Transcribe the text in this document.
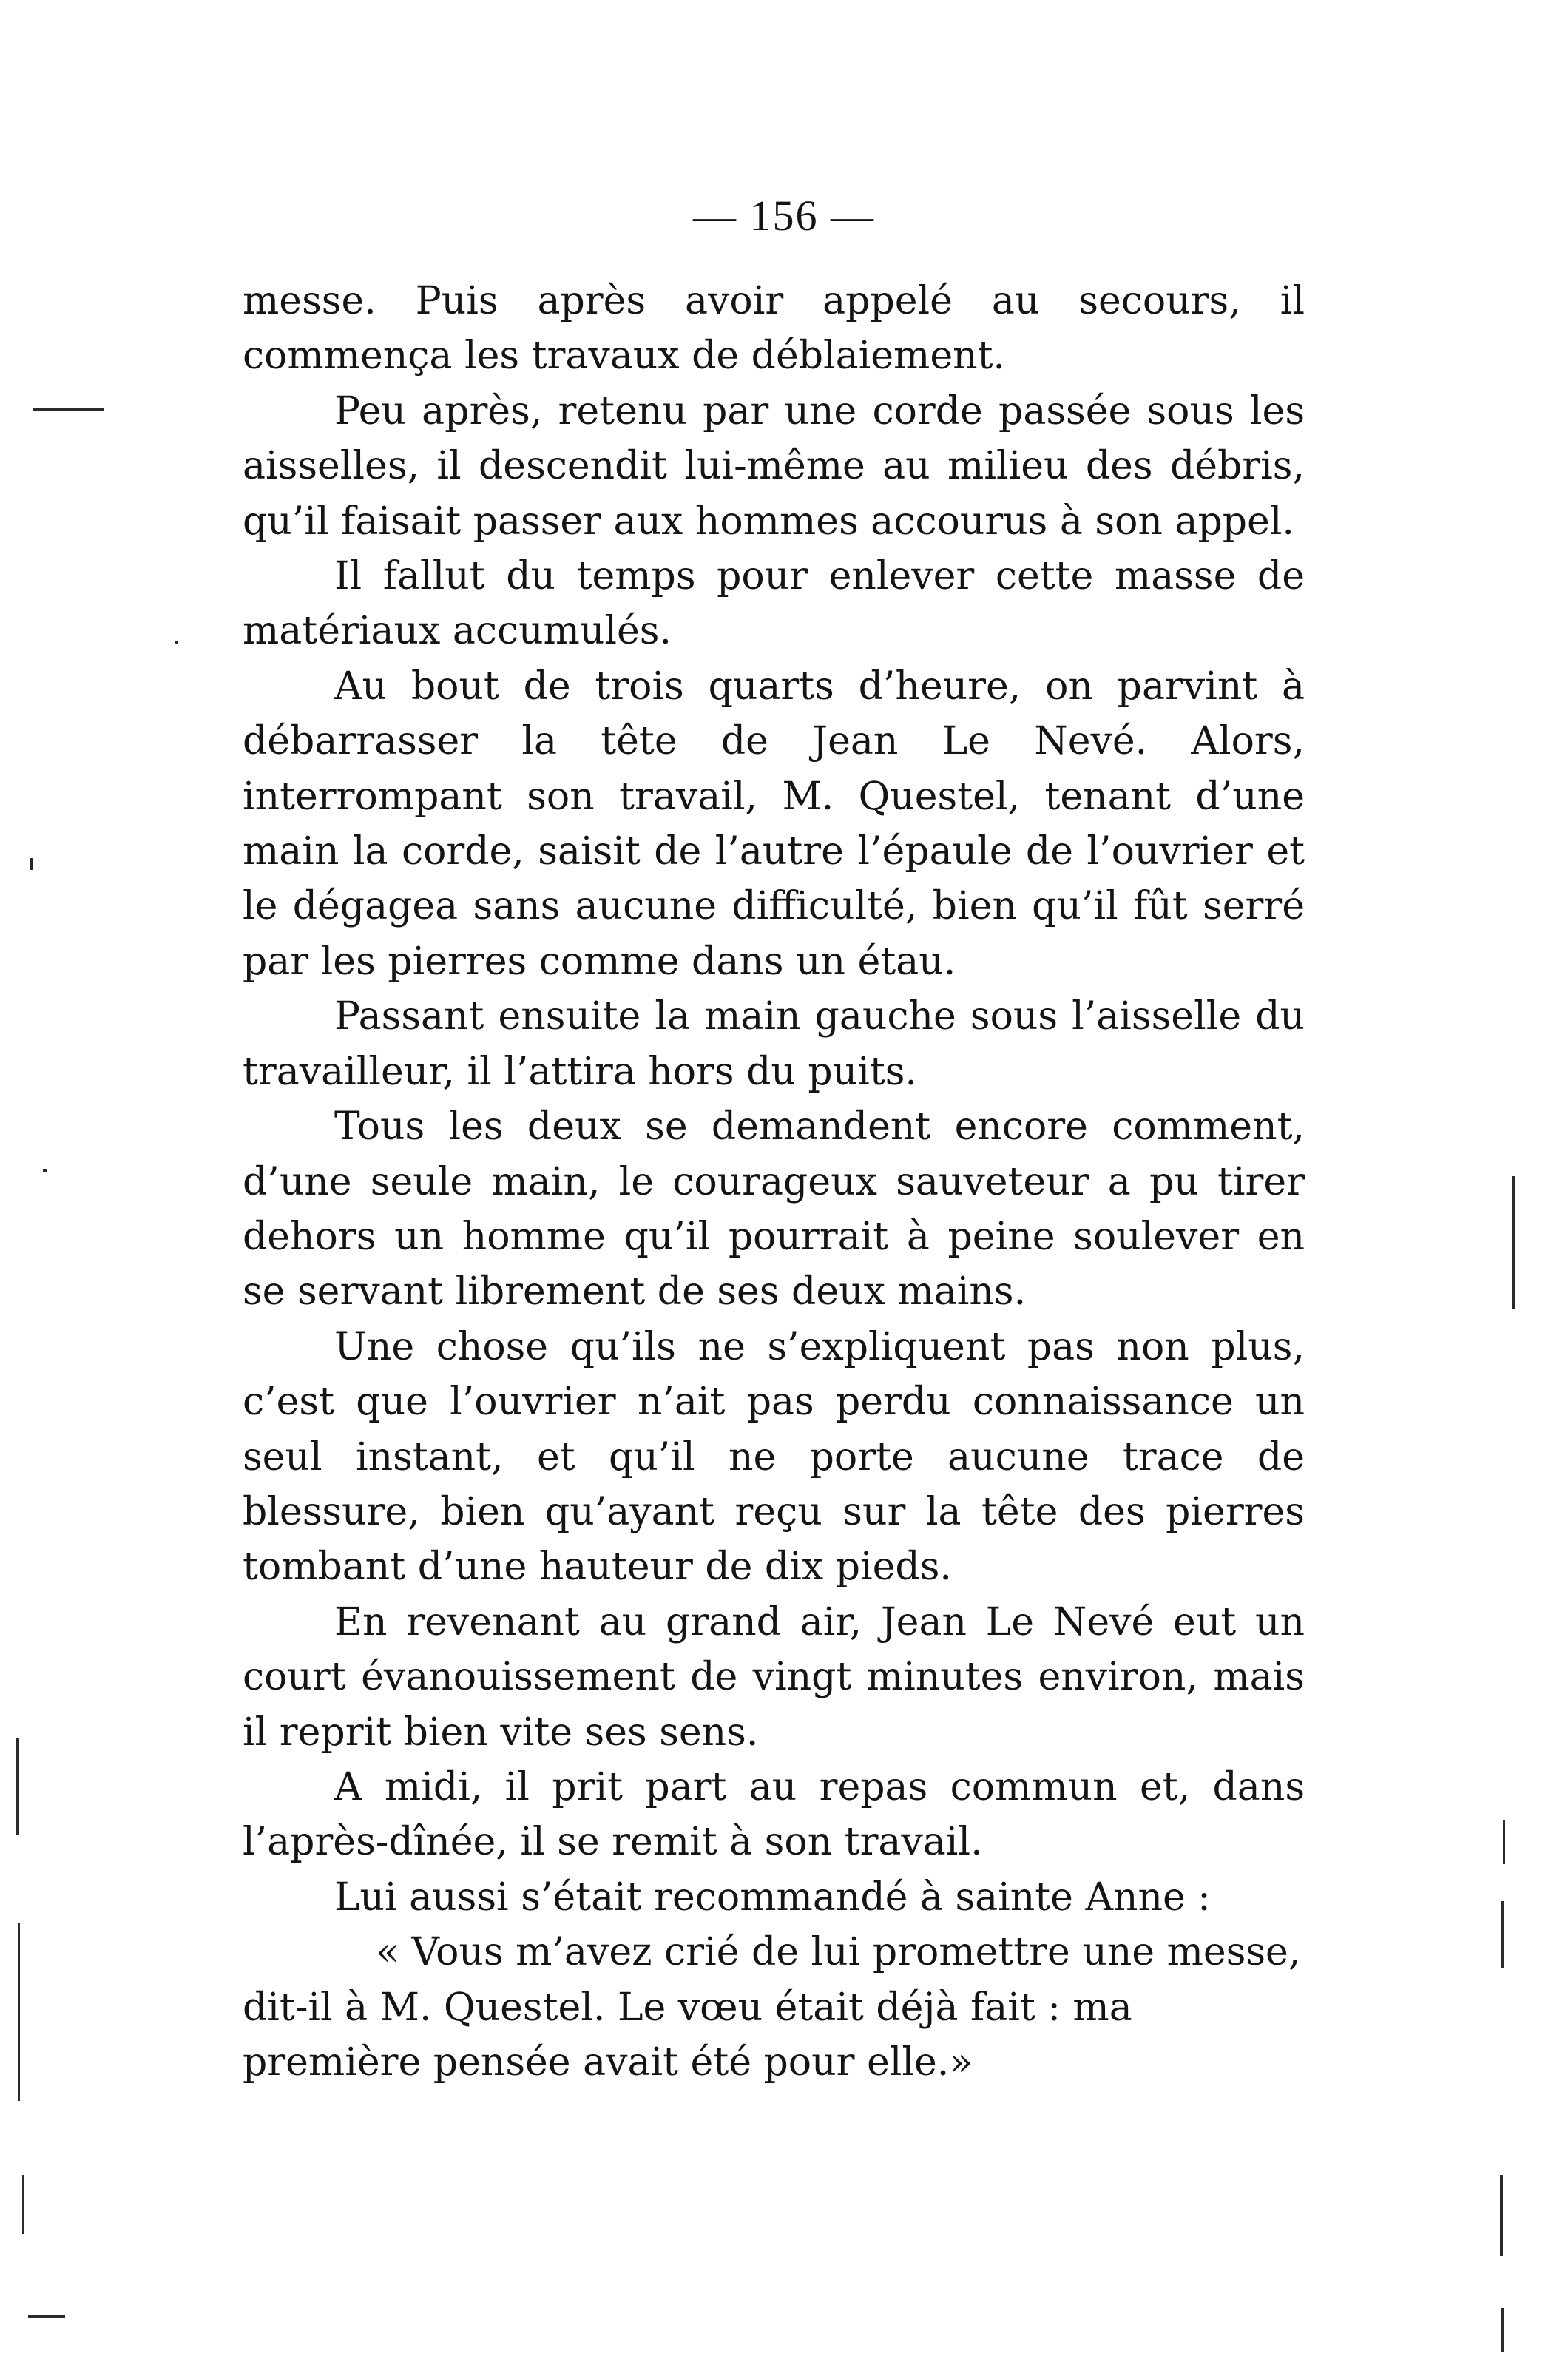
— 156 —

messe. Puis après avoir appelé au secours, il commença les travaux de déblaiement.

Peu après, retenu par une corde passée sous les aisselles, il descendit lui-même au milieu des débris, qu’il faisait passer aux hommes accourus à son appel.

Il fallut du temps pour enlever cette masse de matériaux accumulés.

Au bout de trois quarts d’heure, on parvint à débarrasser la tête de Jean Le Nevé. Alors, interrompant son travail, M. Questel, tenant d’une main la corde, saisit de l’autre l’épaule de l’ouvrier et le dégagea sans aucune difficulté, bien qu’il fût serré par les pierres comme dans un étau.

Passant ensuite la main gauche sous l’aisselle du travailleur, il l’attira hors du puits.

Tous les deux se demandent encore comment, d’une seule main, le courageux sauveteur a pu tirer dehors un homme qu’il pourrait à peine soulever en se servant librement de ses deux mains.

Une chose qu’ils ne s’expliquent pas non plus, c’est que l’ouvrier n’ait pas perdu connaissance un seul instant, et qu’il ne porte aucune trace de blessure, bien qu’ayant reçu sur la tête des pierres tombant d’une hauteur de dix pieds.

En revenant au grand air, Jean Le Nevé eut un court évanouissement de vingt minutes environ, mais il reprit bien vite ses sens.

A midi, il prit part au repas commun et, dans l’après-dînée, il se remit à son travail.

Lui aussi s’était recommandé à sainte Anne :

« Vous m’avez crié de lui promettre une messe, dit-il à M. Questel. Le vœu était déjà fait : ma première pensée avait été pour elle.»
